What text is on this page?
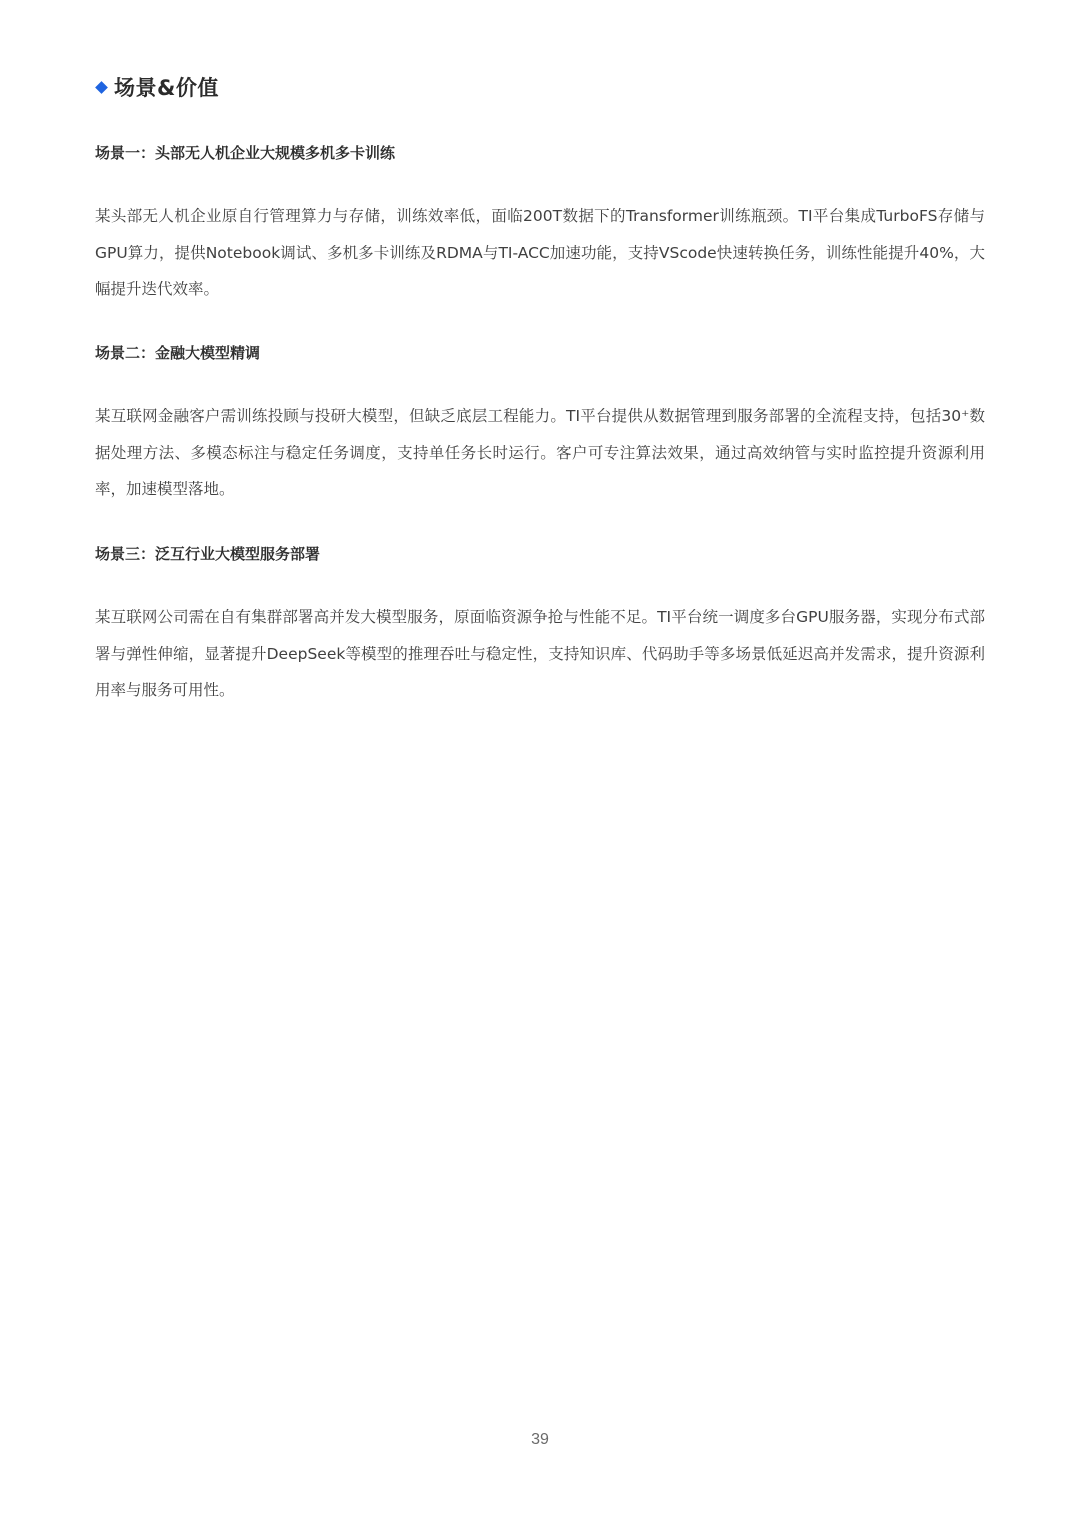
场景&价值
场景一：头部无人机企业大规模多机多卡训练
某头部无人机企业原自行管理算力与存储，训练效率低，面临200T数据下的Transformer训练瓶颈。TI平台集成TurboFS存储与GPU算力，提供Notebook调试、多机多卡训练及RDMA与TI-ACC加速功能，支持VScode快速转换任务，训练性能提升40%，大幅提升迭代效率。
场景二：金融大模型精调
某互联网金融客户需训练投顾与投研大模型，但缺乏底层工程能力。TI平台提供从数据管理到服务部署的全流程支持，包括30⁺数据处理方法、多模态标注与稳定任务调度，支持单任务长时运行。客户可专注算法效果，通过高效纳管与实时监控提升资源利用率，加速模型落地。
场景三：泛互行业大模型服务部署
某互联网公司需在自有集群部署高并发大模型服务，原面临资源争抢与性能不足。TI平台统一调度多台GPU服务器，实现分布式部署与弹性伸缩，显著提升DeepSeek等模型的推理吞吐与稳定性，支持知识库、代码助手等多场景低延迟高并发需求，提升资源利用率与服务可用性。
39
